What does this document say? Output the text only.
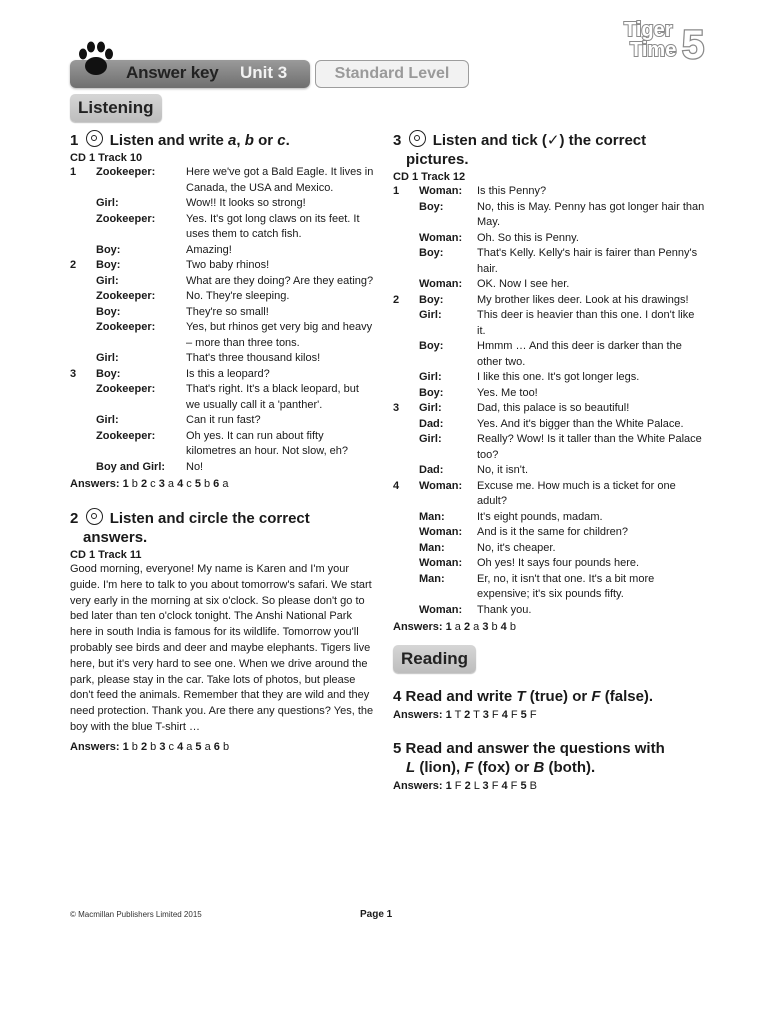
Tiger
Time 5
Answer key Unit 3	Standard Level
Listening
1 Listen and write a, b or c.
CD 1 Track 10
1	Zookeeper:	Here we've got a Bald Eagle. It lives in Canada, the USA and Mexico.
	Girl:	Wow!! It looks so strong!
	Zookeeper:	Yes. It's got long claws on its feet. It uses them to catch fish.
	Boy:	Amazing!
2	Boy:	Two baby rhinos!
	Girl:	What are they doing? Are they eating?
	Zookeeper:	No. They're sleeping.
	Boy:	They're so small!
	Zookeeper:	Yes, but rhinos get very big and heavy – more than three tons.
	Girl:	That's three thousand kilos!
3	Boy:	Is this a leopard?
	Zookeeper:	That's right. It's a black leopard, but we usually call it a 'panther'.
	Girl:	Can it run fast?
	Zookeeper:	Oh yes. It can run about fifty kilometres an hour. Not slow, eh?
	Boy and Girl:	No!
Answers: 1 b 2 c 3 a 4 c 5 b 6 a
2 Listen and circle the correct
answers.
CD 1 Track 11

Good morning, everyone! My name is Karen and I'm your guide. I'm here to talk to you about tomorrow's safari. We start very early in the morning at six o'clock. So please don't go to bed later than ten o'clock tonight. The Anshi National Park here in south India is famous for its wildlife. Tomorrow you'll probably see birds and deer and maybe elephants. Tigers live here, but it's very hard to see one. When we drive around the park, please stay in the car. Take lots of photos, but please don't feed the animals. Remember that they are wild and they need protection. Thank you. Are there any questions? Yes, the boy with the blue T-shirt …

Answers: 1 b 2 b 3 c 4 a 5 a 6 b
3 Listen and tick (✓) the correct
pictures.
CD 1 Track 12
1	Woman:	Is this Penny?
	Boy:	No, this is May. Penny has got longer hair than May.
	Woman:	Oh. So this is Penny.
	Boy:	That's Kelly. Kelly's hair is fairer than Penny's hair.
	Woman:	OK. Now I see her.
2	Boy:	My brother likes deer. Look at his drawings!
	Girl:	This deer is heavier than this one. I don't like it.
	Boy:	Hmmm … And this deer is darker than the other two.
	Girl:	I like this one. It's got longer legs.
	Boy:	Yes. Me too!
3	Girl:	Dad, this palace is so beautiful!
	Dad:	Yes. And it's bigger than the White Palace.
	Girl:	Really? Wow! Is it taller than the White Palace too?
	Dad:	No, it isn't.
4	Woman:	Excuse me. How much is a ticket for one adult?
	Man:	It's eight pounds, madam.
	Woman:	And is it the same for children?
	Man:	No, it's cheaper.
	Woman:	Oh yes! It says four pounds here.
	Man:	Er, no, it isn't that one. It's a bit more expensive; it's six pounds fifty.
	Woman:	Thank you.
Answers: 1 a 2 a 3 b 4 b
Reading
4 Read and write T (true) or F (false).
Answers: 1 T 2 T 3 F 4 F 5 F
5 Read and answer the questions with
L (lion), F (fox) or B (both).
Answers: 1 F 2 L 3 F 4 F 5 B
© Macmillan Publishers Limited 2015	Page 1
